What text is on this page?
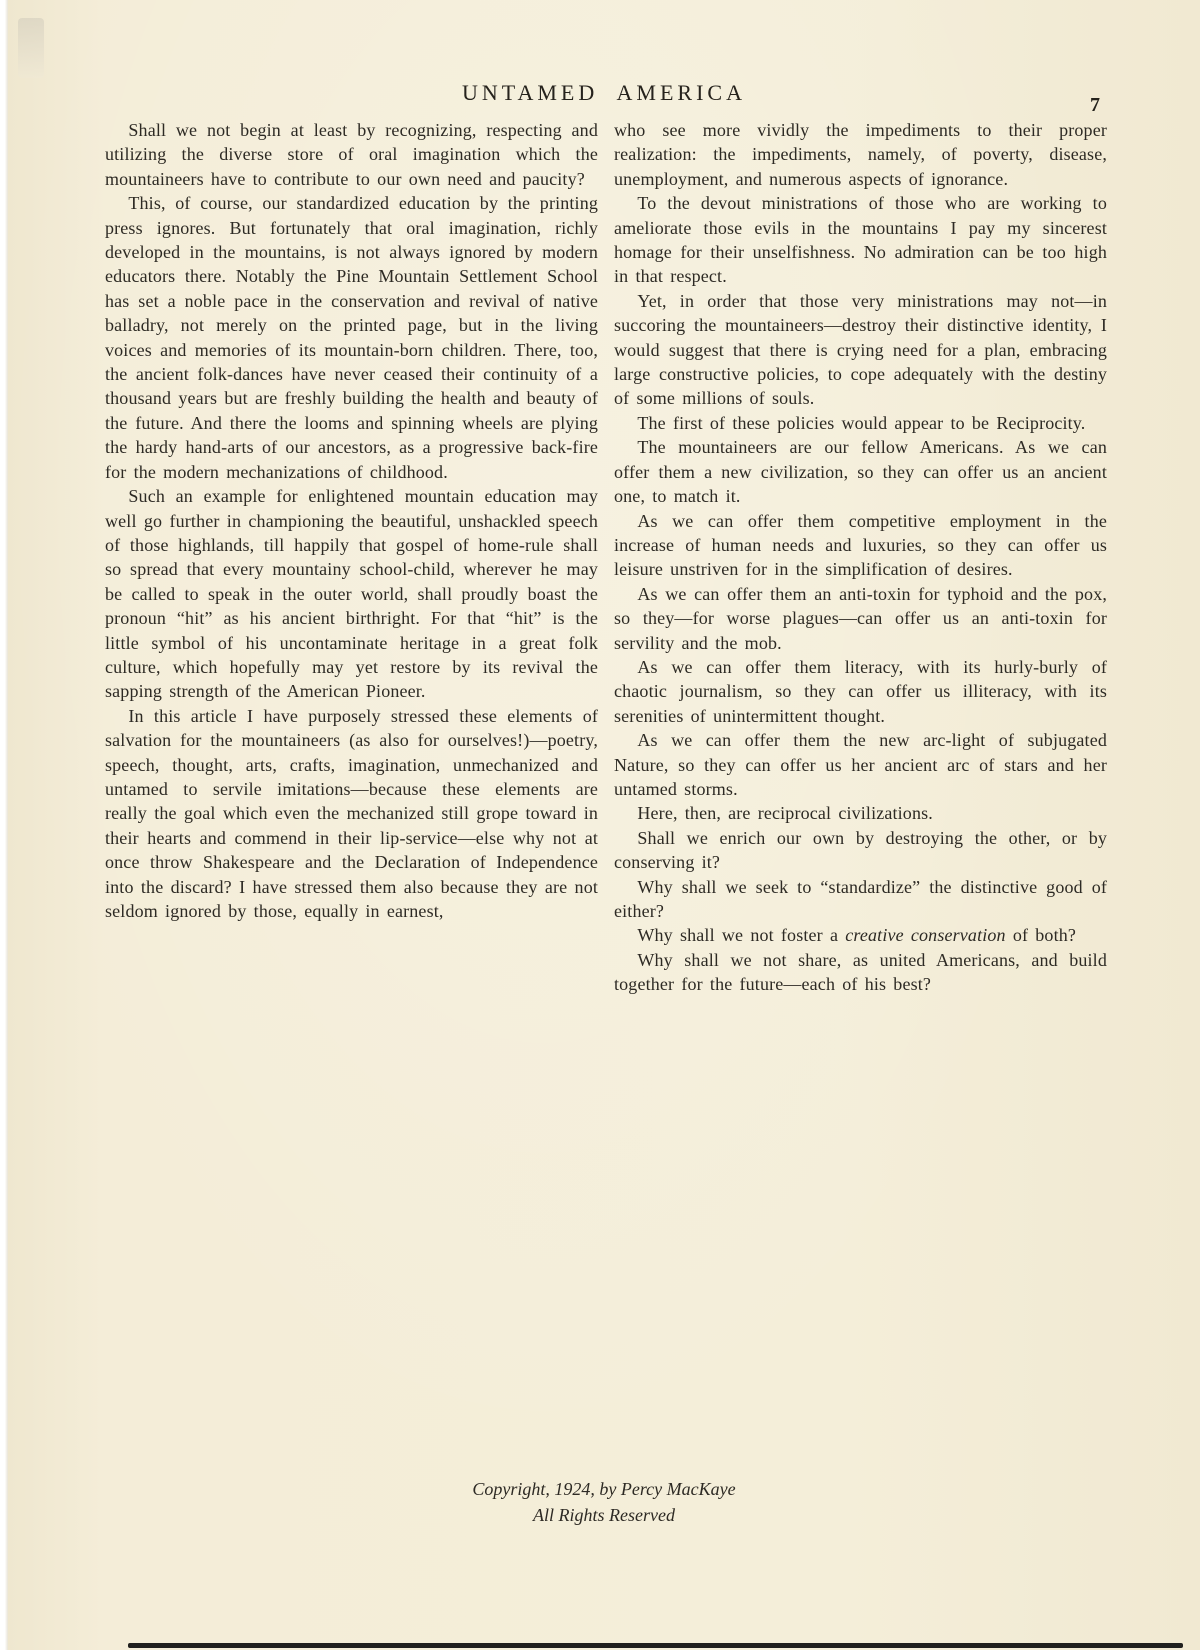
UNTAMED AMERICA	7

Shall we not begin at least by recognizing, respecting and utilizing the diverse store of oral imagination which the mountaineers have to contribute to our own need and paucity?

This, of course, our standardized education by the printing press ignores. But fortunately that oral imagination, richly developed in the mountains, is not always ignored by modern educators there. Notably the Pine Mountain Settlement School has set a noble pace in the conservation and revival of native balladry, not merely on the printed page, but in the living voices and memories of its mountain-born children. There, too, the ancient folk-dances have never ceased their continuity of a thousand years but are freshly building the health and beauty of the future. And there the looms and spinning wheels are plying the hardy hand-arts of our ancestors, as a progressive back-fire for the modern mechanizations of childhood.

Such an example for enlightened mountain education may well go further in championing the beautiful, unshackled speech of those highlands, till happily that gospel of home-rule shall so spread that every mountainy school-child, wherever he may be called to speak in the outer world, shall proudly boast the pronoun “hit” as his ancient birthright. For that “hit” is the little symbol of his uncontaminate heritage in a great folk culture, which hopefully may yet restore by its revival the sapping strength of the American Pioneer.

In this article I have purposely stressed these elements of salvation for the mountaineers (as also for ourselves!)—poetry, speech, thought, arts, crafts, imagination, unmechanized and untamed to servile imitations—because these elements are really the goal which even the mechanized still grope toward in their hearts and commend in their lip-service—else why not at once throw Shakespeare and the Declaration of Independence into the discard? I have stressed them also because they are not seldom ignored by those, equally in earnest,

who see more vividly the impediments to their proper realization: the impediments, namely, of poverty, disease, unemployment, and numerous aspects of ignorance.

To the devout ministrations of those who are working to ameliorate those evils in the mountains I pay my sincerest homage for their unselfishness. No admiration can be too high in that respect.

Yet, in order that those very ministrations may not—in succoring the mountaineers—destroy their distinctive identity, I would suggest that there is crying need for a plan, embracing large constructive policies, to cope adequately with the destiny of some millions of souls.

The first of these policies would appear to be Reciprocity.

The mountaineers are our fellow Americans. As we can offer them a new civilization, so they can offer us an ancient one, to match it.

As we can offer them competitive employment in the increase of human needs and luxuries, so they can offer us leisure unstriven for in the simplification of desires.

As we can offer them an anti-toxin for typhoid and the pox, so they—for worse plagues—can offer us an anti-toxin for servility and the mob.

As we can offer them literacy, with its hurly-burly of chaotic journalism, so they can offer us illiteracy, with its serenities of unintermittent thought.

As we can offer them the new arc-light of subjugated Nature, so they can offer us her ancient arc of stars and her untamed storms.

Here, then, are reciprocal civilizations.

Shall we enrich our own by destroying the other, or by conserving it?

Why shall we seek to “standardize” the distinctive good of either?

Why shall we not foster a creative conservation of both?

Why shall we not share, as united Americans, and build together for the future—each of his best?

Copyright, 1924, by Percy MacKaye
All Rights Reserved
